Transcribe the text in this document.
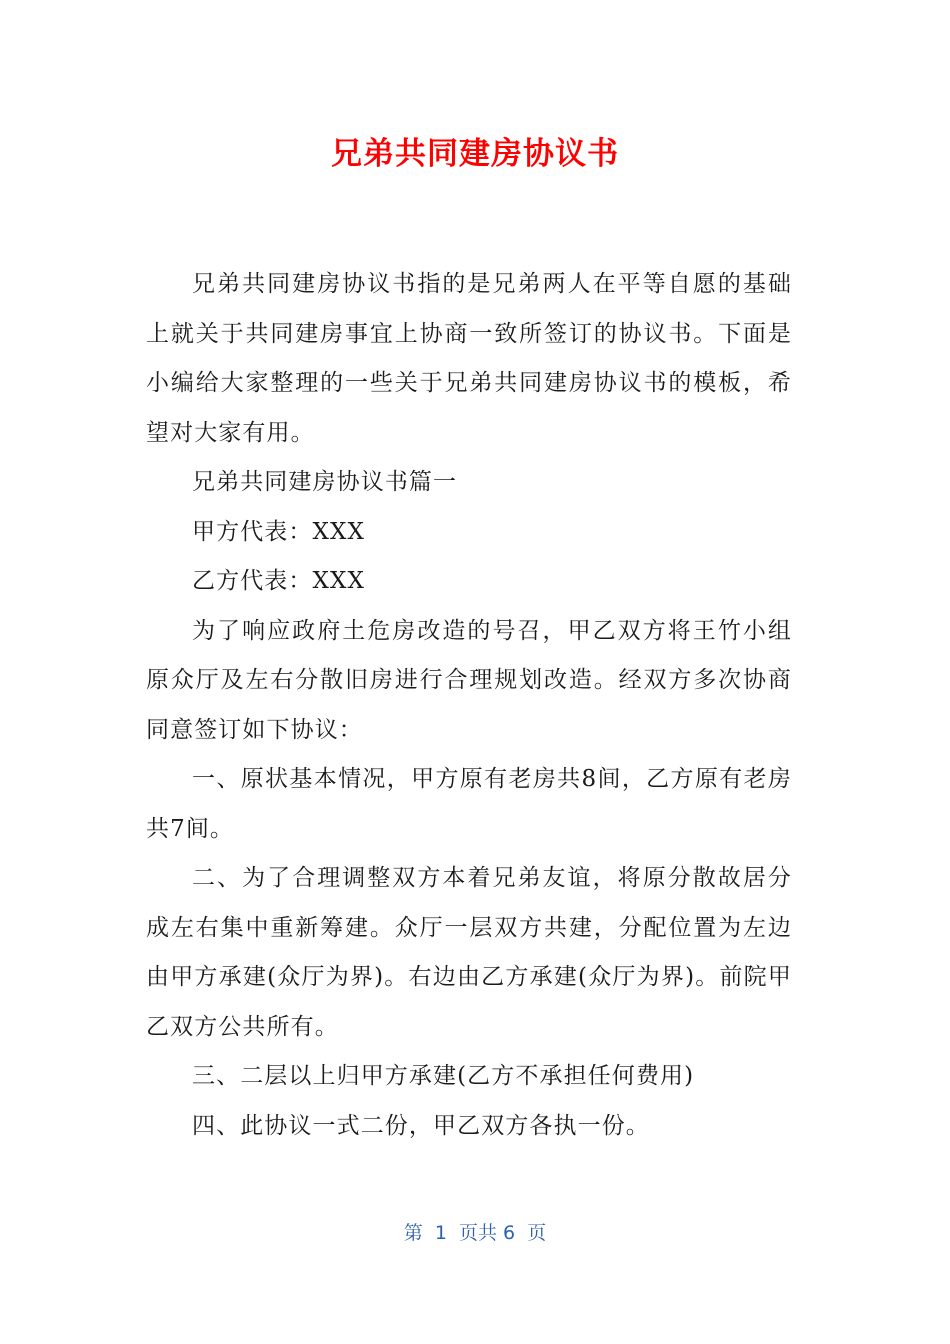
兄弟共同建房协议书

兄弟共同建房协议书指的是兄弟两人在平等自愿的基础上就关于共同建房事宜上协商一致所签订的协议书。下面是小编给大家整理的一些关于兄弟共同建房协议书的模板，希望对大家有用。

兄弟共同建房协议书篇一

甲方代表：XXX

乙方代表：XXX

为了响应政府土危房改造的号召，甲乙双方将王竹小组原众厅及左右分散旧房进行合理规划改造。经双方多次协商同意签订如下协议：

一、原状基本情况，甲方原有老房共8间，乙方原有老房共7间。

二、为了合理调整双方本着兄弟友谊，将原分散故居分成左右集中重新筹建。众厅一层双方共建，分配位置为左边由甲方承建(众厅为界)。右边由乙方承建(众厅为界)。前院甲乙双方公共所有。

三、二层以上归甲方承建(乙方不承担任何费用)

四、此协议一式二份，甲乙双方各执一份。

第  1  页共 6  页
